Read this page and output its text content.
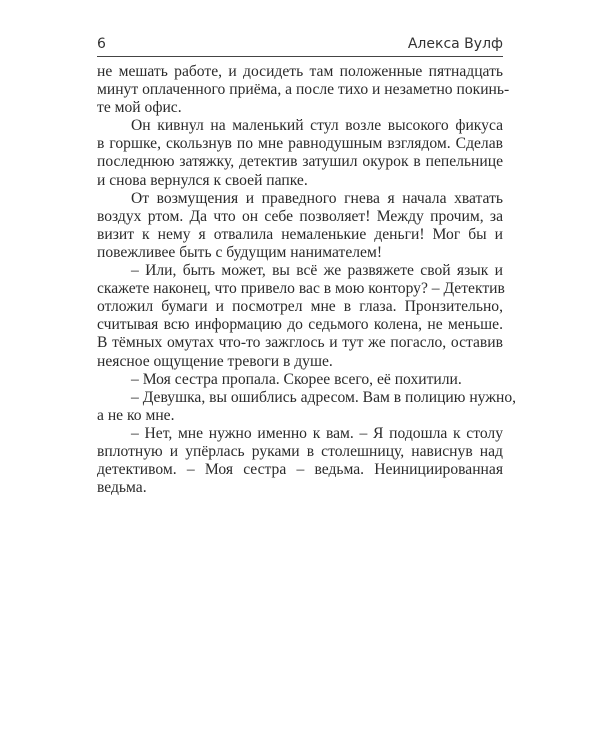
6	Алекса Вулф
не мешать работе, и досидеть там положенные пятнадцать
минут оплаченного приёма, а после тихо и незаметно покинь-
те мой офис.
Он кивнул на маленький стул возле высокого фикуса
в горшке, скользнув по мне равнодушным взглядом. Сделав
последнюю затяжку, детектив затушил окурок в пепельнице
и снова вернулся к своей папке.
От возмущения и праведного гнева я начала хватать
воздух ртом. Да что он себе позволяет! Между прочим, за
визит к нему я отвалила немаленькие деньги! Мог бы и
повежливее быть с будущим нанимателем!
– Или, быть может, вы всё же развяжете свой язык и
скажете наконец, что привело вас в мою контору? – Детектив
отложил бумаги и посмотрел мне в глаза. Пронзительно,
считывая всю информацию до седьмого колена, не меньше.
В тёмных омутах что-то зажглось и тут же погасло, оставив
неясное ощущение тревоги в душе.
– Моя сестра пропала. Скорее всего, её похитили.
– Девушка, вы ошиблись адресом. Вам в полицию нужно,
а не ко мне.
– Нет, мне нужно именно к вам. – Я подошла к столу
вплотную и упёрлась руками в столешницу, нависнув над
детективом. – Моя сестра – ведьма. Неинициированная
ведьма.
